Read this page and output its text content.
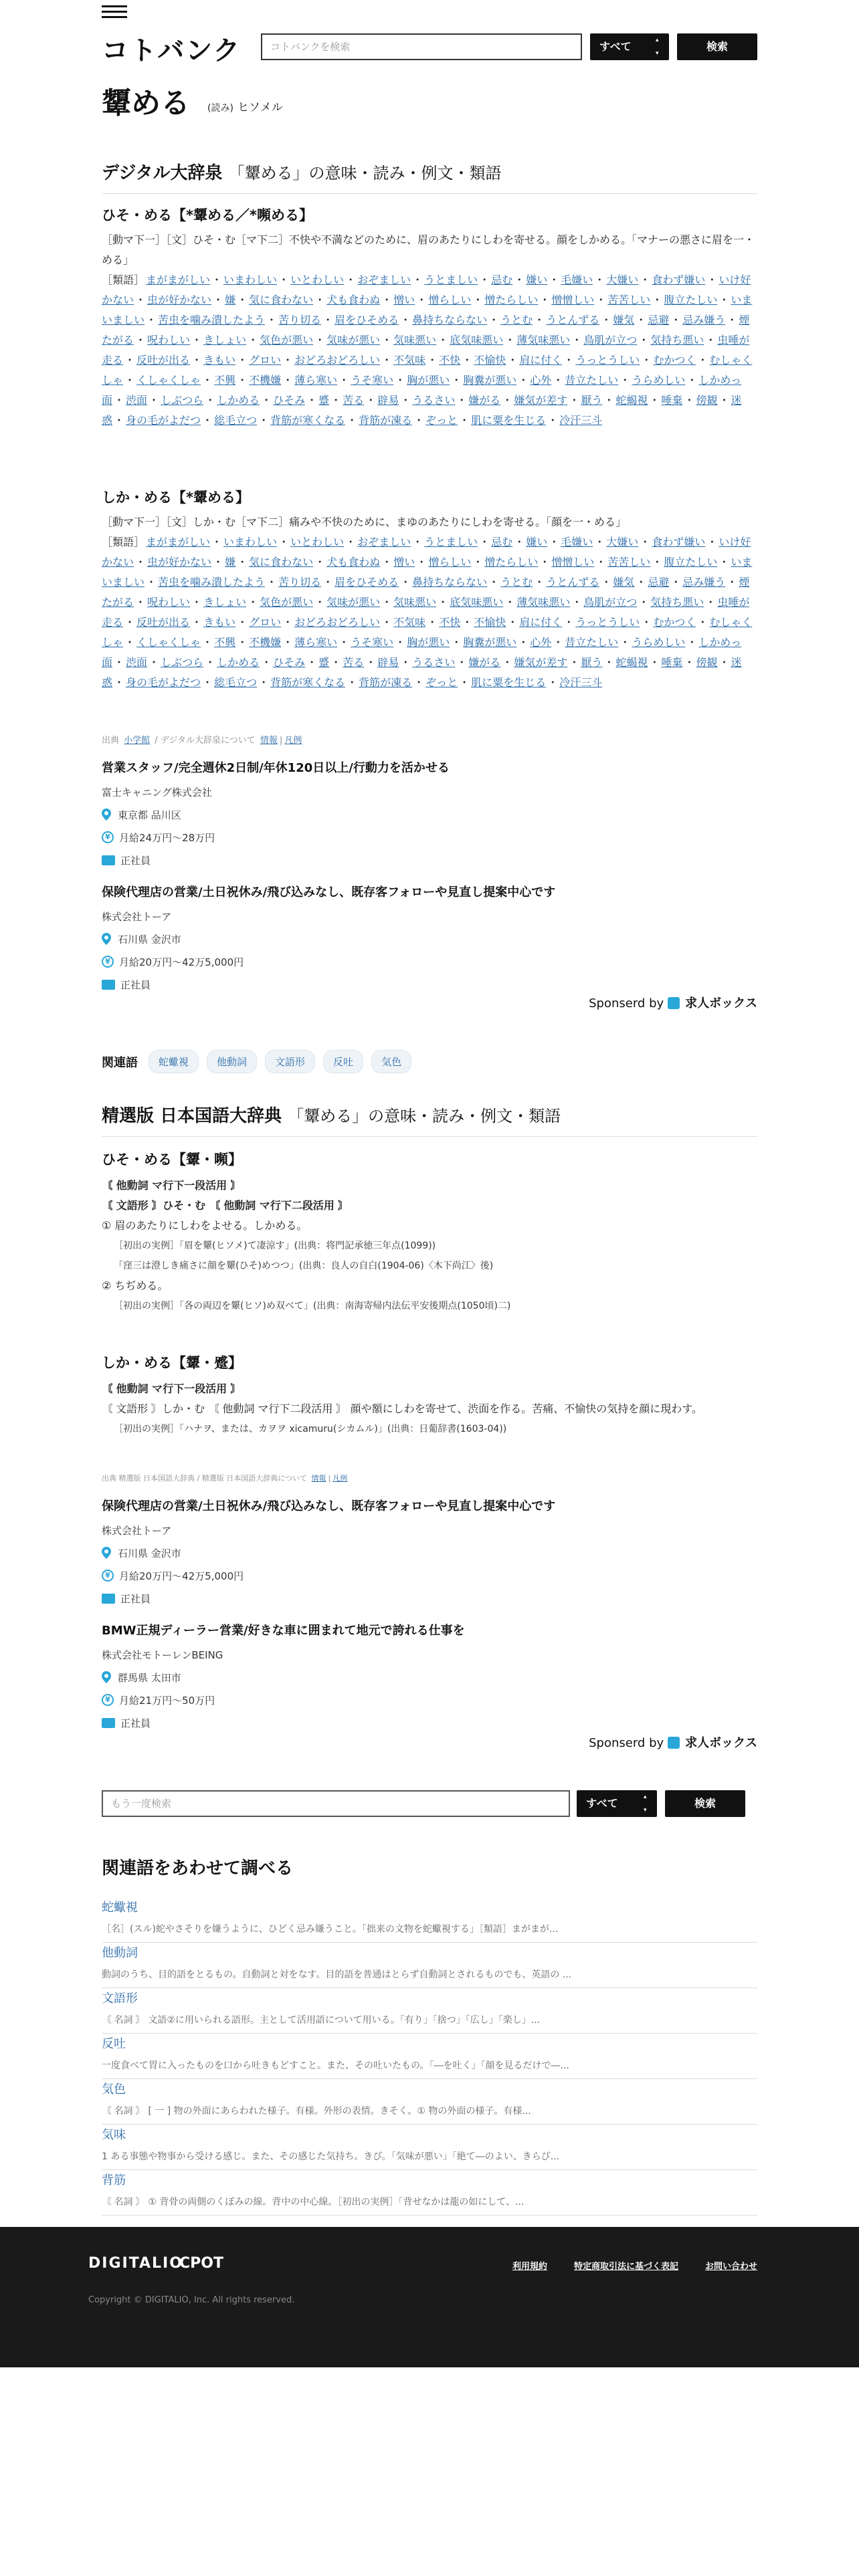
コトバンク	コトバンクを検索	すべて ▴▾	検索
顰める (読み) ヒソメル
デジタル大辞泉 「顰める」の意味・読み・例文・類語
ひそ・める【*顰める／*嚬める】
［動マ下一］［文］ひそ・む［マ下二］不快や不満などのために、眉のあたりにしわを寄せる。顔をしかめる。「マナーの悪さに眉を一・める」
［類語］ まがまがしい ・ いまわしい ・ いとわしい ・ おぞましい ・ うとましい ・ 忌む ・ 嫌い ・ 毛嫌い ・ 大嫌い ・ 食わず嫌い ・ いけ好かない ・ 虫が好かない ・ 嫌 ・ 気に食わない ・ 犬も食わぬ ・ 憎い ・ 憎らしい ・ 憎たらしい ・ 憎憎しい ・ 苦苦しい ・ 腹立たしい ・ いまいましい ・ 苦虫を噛み潰したよう ・ 苦り切る ・ 眉をひそめる ・ 鼻持ちならない ・ うとむ ・ うとんずる ・ 嫌気 ・ 忌避 ・ 忌み嫌う ・ 煙たがる ・ 呪わしい ・ きしょい ・ 気色が悪い ・ 気味が悪い ・ 気味悪い ・ 底気味悪い ・ 薄気味悪い ・ 鳥肌が立つ ・ 気持ち悪い ・ 虫唾が走る ・ 反吐が出る ・ きもい ・ グロい ・ おどろおどろしい ・ 不気味 ・ 不快 ・ 不愉快 ・ 肩に付く ・ うっとうしい ・ むかつく ・ むしゃくしゃ ・ くしゃくしゃ ・ 不興 ・ 不機嫌 ・ 薄ら寒い ・ うそ寒い ・ 胸が悪い ・ 胸糞が悪い ・ 心外 ・ 昔立たしい ・ うらめしい ・ しかめっ面 ・ 渋面 ・ しぶつら ・ しかめる ・ ひそみ ・ 蹙 ・ 苦る ・ 辟易 ・ うるさい ・ 嫌がる ・ 嫌気が差す ・ 厭う ・ 蛇蝎視 ・ 唾棄 ・ 傍観 ・ 迷惑 ・ 身の毛がよだつ ・ 総毛立つ ・ 背筋が寒くなる ・ 背筋が凍る ・ ぞっと ・ 肌に粟を生じる ・ 冷汗三斗
しか・める【*顰める】
［動マ下一］［文］しか・む［マ下二］痛みや不快のために、まゆのあたりにしわを寄せる。「顔を一・める」
［類語］ まがまがしい ・ いまわしい ・ いとわしい ・ おぞましい ・ うとましい ・ 忌む ・ 嫌い ・ 毛嫌い ・ 大嫌い ・ 食わず嫌い ・ いけ好かない ・ 虫が好かない ・ 嫌 ・ 気に食わない ・ 犬も食わぬ ・ 憎い ・ 憎らしい ・ 憎たらしい ・ 憎憎しい ・ 苦苦しい ・ 腹立たしい ・ いまいましい ・ 苦虫を噛み潰したよう ・ 苦り切る ・ 眉をひそめる ・ 鼻持ちならない ・ うとむ ・ うとんずる ・ 嫌気 ・ 忌避 ・ 忌み嫌う ・ 煙たがる ・ 呪わしい ・ きしょい ・ 気色が悪い ・ 気味が悪い ・ 気味悪い ・ 底気味悪い ・ 薄気味悪い ・ 鳥肌が立つ ・ 気持ち悪い ・ 虫唾が走る ・ 反吐が出る ・ きもい ・ グロい ・ おどろおどろしい ・ 不気味 ・ 不快 ・ 不愉快 ・ 肩に付く ・ うっとうしい ・ むかつく ・ むしゃくしゃ ・ くしゃくしゃ ・ 不興 ・ 不機嫌 ・ 薄ら寒い ・ うそ寒い ・ 胸が悪い ・ 胸糞が悪い ・ 心外 ・ 昔立たしい ・ うらめしい ・ しかめっ面 ・ 渋面 ・ しぶつら ・ しかめる ・ ひそみ ・ 蹙 ・ 苦る ・ 辟易 ・ うるさい ・ 嫌がる ・ 嫌気が差す ・ 厭う ・ 蛇蝎視 ・ 唾棄 ・ 傍観 ・ 迷惑 ・ 身の毛がよだつ ・ 総毛立つ ・ 背筋が寒くなる ・ 背筋が凍る ・ ぞっと ・ 肌に粟を生じる ・ 冷汗三斗
出典 小学館 / デジタル大辞泉について 情報 | 凡例
営業スタッフ/完全週休2日制/年休120日以上/行動力を活かせる
富士キャニング株式会社
東京都 品川区
¥ 月給24万円〜28万円
正社員
保険代理店の営業/土日祝休み/飛び込みなし、既存客フォローや見直し提案中心です
株式会社トーア
石川県 金沢市
¥ 月給20万円〜42万5,000円
正社員
Sponserd by 求人ボックス
関連語	蛇蠍視	他動詞	文語形	反吐	気色
精選版 日本国語大辞典 「顰める」の意味・読み・例文・類語
ひそ・める【顰・嚬】
〘 他動詞 マ行下一段活用 〙
〘 文語形 〙ひそ・む 〘 他動詞 マ行下二段活用 〙
① 眉のあたりにしわをよせる。しかめる。
［初出の実例］「眉を顰(ヒソメ)て凄涼す」(出典：将門記承徳三年点(1099))
「窪三は澄しき痛さに顔を顰(ひそ)めつつ」(出典：良人の自白(1904‐06)〈木下尚江〉後)
② ちぢめる。
［初出の実例］「各の両辺を顰(ヒソ)め双べて」(出典：南海寄帰内法伝平安後期点(1050頃)二)
しか・める【顰・蹙】
〘 他動詞 マ行下一段活用 〙
〘 文語形 〙しか・む 〘 他動詞 マ行下二段活用 〙 顔や額にしわを寄せて、渋面を作る。苦痛、不愉快の気持を顔に現わす。
［初出の実例］「ハナヲ、または、カヲヲ xicamuru(シカムル)」(出典：日葡辞書(1603‐04))
出典 精選版 日本国語大辞典 / 精選版 日本国語大辞典について 情報 | 凡例
保険代理店の営業/土日祝休み/飛び込みなし、既存客フォローや見直し提案中心です
株式会社トーア
石川県 金沢市
¥ 月給20万円〜42万5,000円
正社員
BMW正規ディーラー営業/好きな車に囲まれて地元で誇れる仕事を
株式会社モトーレンBEING
群馬県 太田市
¥ 月給21万円〜50万円
正社員
Sponserd by 求人ボックス
もう一度検索	すべて ▴▾	検索
関連語をあわせて調べる
蛇蠍視
［名］(スル)蛇やさそりを嫌うように、ひどく忌み嫌うこと。「拙来の文物を蛇蠍視する」［類語］まがまが...
他動詞
動詞のうち、目的語をとるもの。自動詞と対をなす。目的語を普通はとらず自動詞とされるものでも、英語の ...
文語形
〘 名詞 〙 文語②に用いられる語形。主として活用語について用いる。「有り」「捨つ」「広し」「楽し」...
反吐
一度食べて胃に入ったものを口から吐きもどすこと。また、その吐いたもの。「―を吐く」「顔を見るだけで―...
気色
〘 名詞 〙 [ 一 ] 物の外面にあらわれた様子。有様。外形の表情。きそく。① 物の外面の様子。有様...
気味
1 ある事態や物事から受ける感じ。また、その感じた気持ち。きび。「気味が悪い」「絶て―のよい、きらび...
背筋
〘 名詞 〙 ① 背骨の両側のくぼみの線。背中の中心線。［初出の実例］「背せなかは龍の如にして、...
DIGITALIO
CPOT	利用規約	特定商取引法に基づく表記	お問い合わせ
Copyright © DIGITALIO, Inc. All rights reserved.
